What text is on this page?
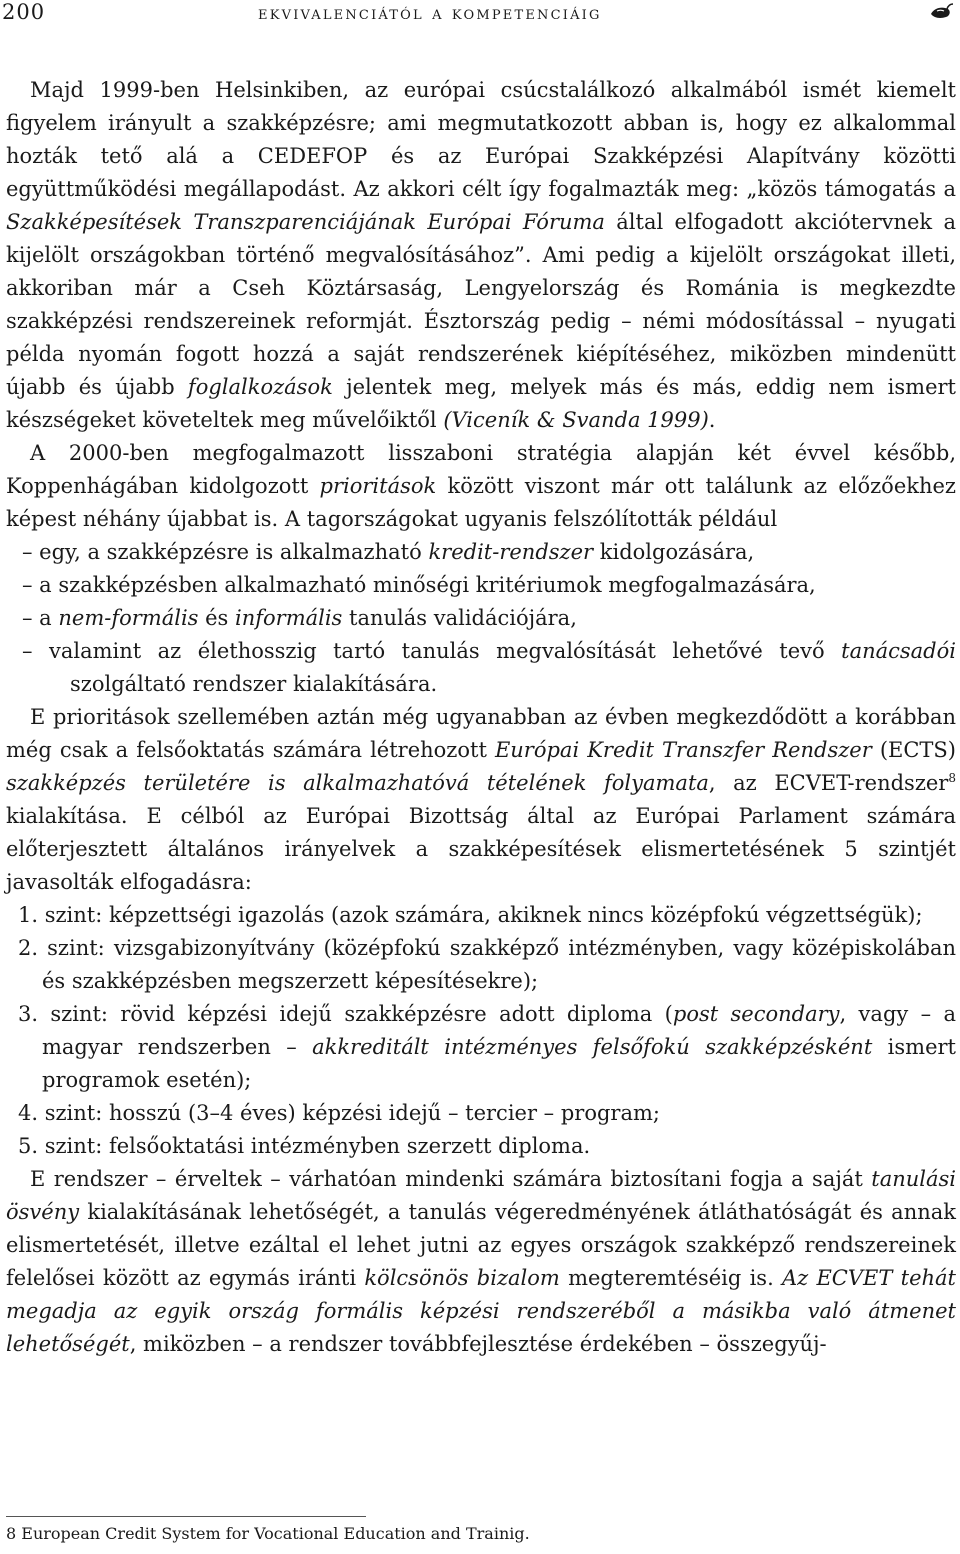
200	ekvivalenciától a kompetenciáig

Majd 1999-ben Helsinkiben, az európai csúcstalálkozó alkalmából ismét kiemelt figyelem irányult a szakképzésre; ami megmutatkozott abban is, hogy ez alkalommal hozták tető alá a CEDEFOP és az Európai Szakképzési Alapítvány közötti együttműködési megállapodást. Az akkori célt így fogalmazták meg: „közös támogatás a Szakképesítések Transzparenciájának Európai Fóruma által elfogadott akciótervnek a kijelölt országokban történő megvalósításához”. Ami pedig a kijelölt országokat illeti, akkoriban már a Cseh Köztársaság, Lengyelország és Románia is megkezdte szakképzési rendszereinek reformját. Észtország pedig – némi módosítással – nyugati példa nyomán fogott hozzá a saját rendszerének kiépítéséhez, miközben mindenütt újabb és újabb foglalkozások jelentek meg, melyek más és más, eddig nem ismert készségeket követeltek meg művelőiktől (Viceník & Svanda 1999).

A 2000-ben megfogalmazott lisszaboni stratégia alapján két évvel később, Koppenhágában kidolgozott prioritások között viszont már ott találunk az előzőekhez képest néhány újabbat is. A tagországokat ugyanis felszólították például

– egy, a szakképzésre is alkalmazható kredit-rendszer kidolgozására,

– a szakképzésben alkalmazható minőségi kritériumok megfogalmazására,

– a nem-formális és informális tanulás validációjára,

– valamint az élethosszig tartó tanulás megvalósítását lehetővé tevő tanácsadói szolgáltató rendszer kialakítására.

E prioritások szellemében aztán még ugyanabban az évben megkezdődött a korábban még csak a felsőoktatás számára létrehozott Európai Kredit Transzfer Rendszer (ECTS) szakképzés területére is alkalmazhatóvá tételének folyamata, az ECVET-rendszer$^8$ kialakítása. E célból az Európai Bizottság által az Európai Parlament számára előterjesztett általános irányelvek a szakképesítések elismertetésének 5 szintjét javasolták elfogadásra:

1. szint: képzettségi igazolás (azok számára, akiknek nincs középfokú végzettségük);

2. szint: vizsgabizonyítvány (középfokú szakképző intézményben, vagy középiskolában és szakképzésben megszerzett képesítésekre);

3. szint: rövid képzési idejű szakképzésre adott diploma (post secondary, vagy – a magyar rendszerben – akkreditált intézményes felsőfokú szakképzésként ismert programok esetén);

4. szint: hosszú (3–4 éves) képzési idejű – tercier – program;

5. szint: felsőoktatási intézményben szerzett diploma.

E rendszer – érveltek – várhatóan mindenki számára biztosítani fogja a saját tanulási ösvény kialakításának lehetőségét, a tanulás végeredményének átláthatóságát és annak elismertetését, illetve ezáltal el lehet jutni az egyes országok szakképző rendszereinek felelősei között az egymás iránti kölcsönös bizalom megteremtéséig is. Az ECVET tehát megadja az egyik ország formális képzési rendszeréből a másikba való átmenet lehetőségét, miközben – a rendszer továbbfejlesztése érdekében – összegyűj-

8 European Credit System for Vocational Education and Trainig.
